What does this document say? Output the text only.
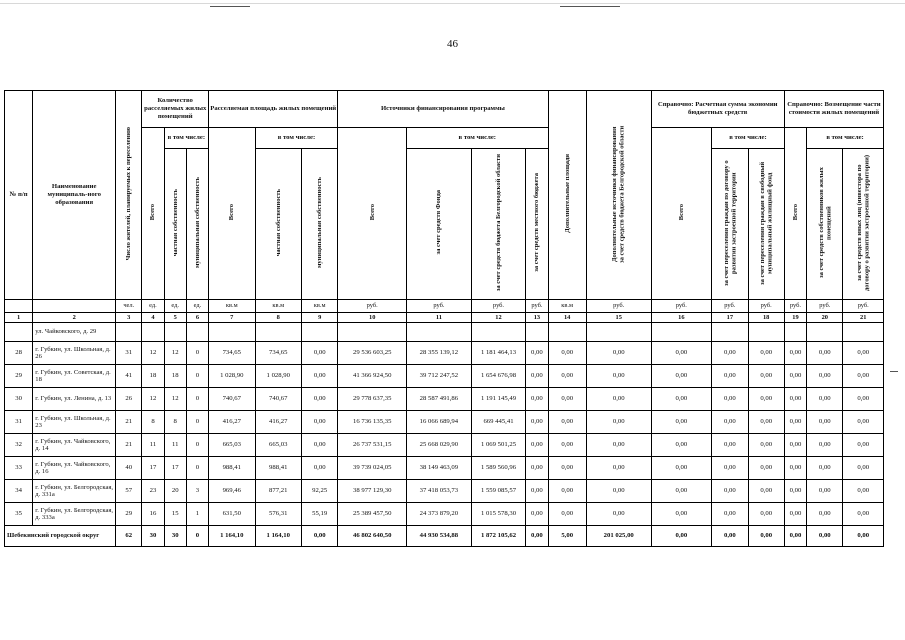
46
№ п/п	Наименование муниципаль-ного образования	Число жителей, планируемых к переселению	Количество расселяемых жилых помещений			Расселяемая площадь жилых помещений			Источники финансирования программы				Дополнительные площади	Дополнительные источники финансирования за счет средств бюджета Белгородской области	Справочно: Расчетная сумма экономии бюджетных средств			Справочно: Возмещение части стоимости жилых помещений		
			Всего	в том числе:		Всего	в том числе:		Всего	в том числе:					Всего	в том числе:		Всего	в том числе:	
				частная собственность	муниципальная собственность		частная собственность	муниципальная собственность		за счет средств Фонда	за счет средств бюджета Белгородской области	за счет средств местного бюджета				за счет переселения граждан по договору о развитии застроенной территории	за счет переселения граждан в свободный муниципальный жилищный фонд		за счет средств собственников жилых помещений	за счет средств иных лиц (инвестора по договору о развитии застроенной территории)
		чел.	ед.	ед.	ед.	кв.м	кв.м	кв.м	руб.	руб.	руб.	руб.	кв.м	руб.	руб.	руб.	руб.	руб.	руб.	руб.
1	2	3	4	5	6	7	8	9	10	11	12	13	14	15	16	17	18	19	20	21
	ул. Чайковского, д. 29																			
28	г. Губкин, ул. Школьная, д. 26	31	12	12	0	734,65	734,65	0,00	29 536 603,25	28 355 139,12	1 181 464,13	0,00	0,00	0,00	0,00	0,00	0,00	0,00	0,00	0,00
29	г. Губкин, ул. Советская, д. 18	41	18	18	0	1 028,90	1 028,90	0,00	41 366 924,50	39 712 247,52	1 654 676,98	0,00	0,00	0,00	0,00	0,00	0,00	0,00	0,00	0,00
30	г. Губкин, ул. Ленина, д. 13	26	12	12	0	740,67	740,67	0,00	29 778 637,35	28 587 491,86	1 191 145,49	0,00	0,00	0,00	0,00	0,00	0,00	0,00	0,00	0,00
31	г. Губкин, ул. Школьная, д. 23	21	8	8	0	416,27	416,27	0,00	16 736 135,35	16 066 689,94	669 445,41	0,00	0,00	0,00	0,00	0,00	0,00	0,00	0,00	0,00
32	г. Губкин, ул. Чайковского, д. 14	21	11	11	0	665,03	665,03	0,00	26 737 531,15	25 668 029,90	1 069 501,25	0,00	0,00	0,00	0,00	0,00	0,00	0,00	0,00	0,00
33	г. Губкин, ул. Чайковского, д. 16	40	17	17	0	988,41	988,41	0,00	39 739 024,05	38 149 463,09	1 589 560,96	0,00	0,00	0,00	0,00	0,00	0,00	0,00	0,00	0,00
34	г. Губкин, ул. Белгородская, д. 331а	57	23	20	3	969,46	877,21	92,25	38 977 129,30	37 418 053,73	1 559 085,57	0,00	0,00	0,00	0,00	0,00	0,00	0,00	0,00	0,00
35	г. Губкин, ул. Белгородская, д. 333а	29	16	15	1	631,50	576,31	55,19	25 389 457,50	24 373 879,20	1 015 578,30	0,00	0,00	0,00	0,00	0,00	0,00	0,00	0,00	0,00
Шебекинский городской округ		62	30	30	0	1 164,10	1 164,10	0,00	46 802 640,50	44 930 534,88	1 872 105,62	0,00	5,00	201 025,00	0,00	0,00	0,00	0,00	0,00	0,00
